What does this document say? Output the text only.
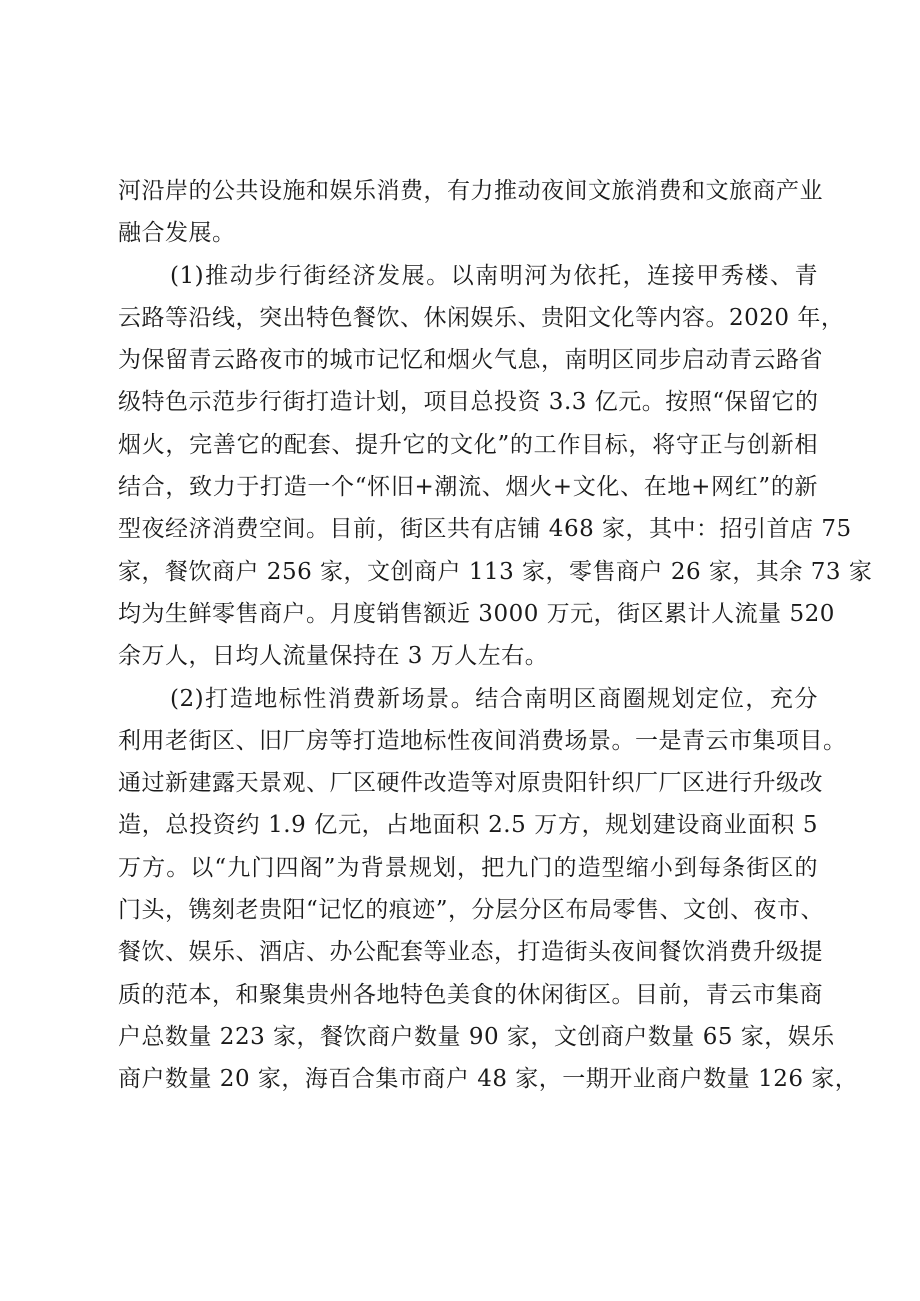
河沿岸的公共设施和娱乐消费，有力推动夜间文旅消费和文旅商产业
融合发展。
(1)推动步行街经济发展。以南明河为依托，连接甲秀楼、青
云路等沿线，突出特色餐饮、休闲娱乐、贵阳文化等内容。2020 年，
为保留青云路夜市的城市记忆和烟火气息，南明区同步启动青云路省
级特色示范步行街打造计划，项目总投资 3.3 亿元。按照“保留它的
烟火，完善它的配套、提升它的文化”的工作目标，将守正与创新相
结合，致力于打造一个“怀旧+潮流、烟火+文化、在地+网红”的新
型夜经济消费空间。目前，街区共有店铺 468 家，其中：招引首店 75
家，餐饮商户 256 家，文创商户 113 家，零售商户 26 家，其余 73 家
均为生鲜零售商户。月度销售额近 3000 万元，街区累计人流量 520
余万人，日均人流量保持在 3 万人左右。
(2)打造地标性消费新场景。结合南明区商圈规划定位，充分
利用老街区、旧厂房等打造地标性夜间消费场景。一是青云市集项目。
通过新建露天景观、厂区硬件改造等对原贵阳针织厂厂区进行升级改
造，总投资约 1.9 亿元，占地面积 2.5 万方，规划建设商业面积 5
万方。以“九门四阁”为背景规划，把九门的造型缩小到每条街区的
门头，镌刻老贵阳“记忆的痕迹”，分层分区布局零售、文创、夜市、
餐饮、娱乐、酒店、办公配套等业态，打造街头夜间餐饮消费升级提
质的范本，和聚集贵州各地特色美食的休闲街区。目前，青云市集商
户总数量 223 家，餐饮商户数量 90 家，文创商户数量 65 家，娱乐
商户数量 20 家，海百合集市商户 48 家，一期开业商户数量 126 家，
